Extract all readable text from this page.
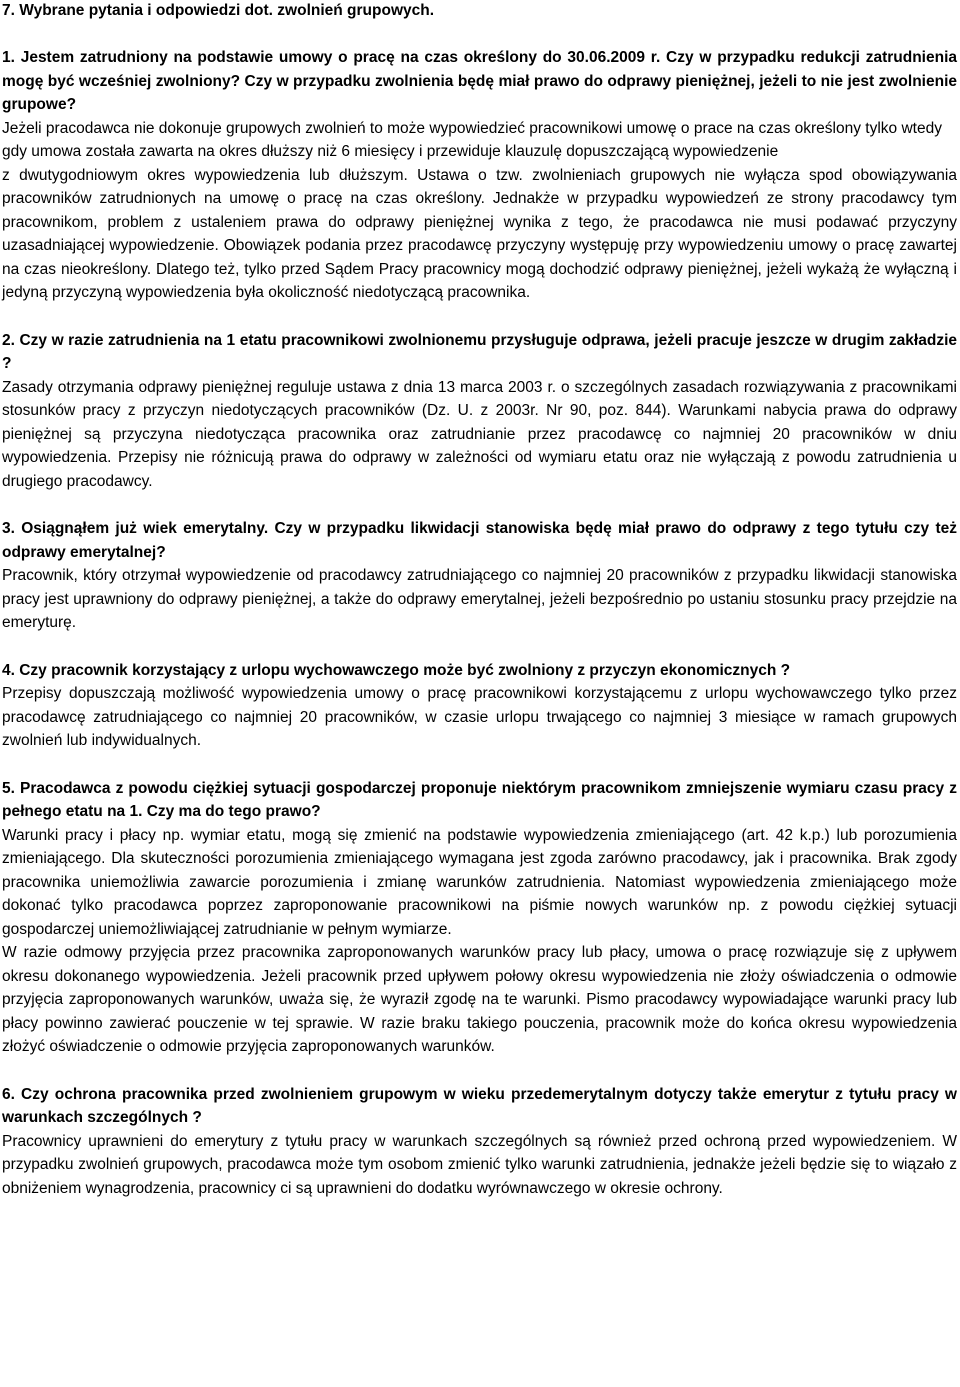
7. Wybrane pytania i odpowiedzi dot. zwolnień grupowych.

1. Jestem zatrudniony na podstawie umowy o pracę na czas określony do 30.06.2009 r. Czy w przypadku redukcji zatrudnienia mogę być wcześniej zwolniony? Czy w przypadku zwolnienia będę miał prawo do odprawy pieniężnej, jeżeli to nie jest zwolnienie grupowe?

Jeżeli pracodawca nie dokonuje grupowych zwolnień to może wypowiedzieć pracownikowi umowę o prace na czas określony tylko wtedy gdy umowa została zawarta na okres dłuższy niż 6 miesięcy i przewiduje klauzulę dopuszczającą wypowiedzenie

z dwutygodniowym okres wypowiedzenia lub dłuższym. Ustawa o tzw. zwolnieniach grupowych nie wyłącza spod obowiązywania pracowników zatrudnionych na umowę o pracę na czas określony. Jednakże w przypadku wypowiedzeń ze strony pracodawcy tym pracownikom, problem z ustaleniem prawa do odprawy pieniężnej wynika z tego, że pracodawca nie musi podawać przyczyny uzasadniającej wypowiedzenie. Obowiązek podania przez pracodawcę przyczyny występuję przy wypowiedzeniu umowy o pracę zawartej na czas nieokreślony. Dlatego też, tylko przed Sądem Pracy pracownicy mogą dochodzić odprawy pieniężnej, jeżeli wykażą że wyłączną i jedyną przyczyną wypowiedzenia była okoliczność niedotyczącą pracownika.

2. Czy w razie zatrudnienia na 1 etatu pracownikowi zwolnionemu przysługuje odprawa, jeżeli pracuje jeszcze w drugim zakładzie ?

Zasady otrzymania odprawy pieniężnej reguluje ustawa z dnia 13 marca 2003 r. o szczególnych zasadach rozwiązywania z pracownikami stosunków pracy z przyczyn niedotyczących pracowników (Dz. U. z 2003r. Nr 90, poz. 844). Warunkami nabycia prawa do odprawy pieniężnej są przyczyna niedotycząca pracownika oraz zatrudnianie przez pracodawcę co najmniej 20 pracowników w dniu wypowiedzenia. Przepisy nie różnicują prawa do odprawy w zależności od wymiaru etatu oraz nie wyłączają z powodu zatrudnienia u drugiego pracodawcy.

3. Osiągnąłem już wiek emerytalny. Czy w przypadku likwidacji stanowiska będę miał prawo do odprawy z tego tytułu czy też odprawy emerytalnej?

Pracownik, który otrzymał wypowiedzenie od pracodawcy zatrudniającego co najmniej 20 pracowników z przypadku likwidacji stanowiska pracy jest uprawniony do odprawy pieniężnej, a także do odprawy emerytalnej, jeżeli bezpośrednio po ustaniu stosunku pracy przejdzie na emeryturę.

4. Czy pracownik korzystający z urlopu wychowawczego może być zwolniony z przyczyn ekonomicznych ?

Przepisy dopuszczają możliwość wypowiedzenia umowy o pracę pracownikowi korzystającemu z urlopu wychowawczego tylko przez pracodawcę zatrudniającego co najmniej 20 pracowników, w czasie urlopu trwającego co najmniej 3 miesiące w ramach grupowych zwolnień lub indywidualnych.

5. Pracodawca z powodu ciężkiej sytuacji gospodarczej proponuje niektórym pracownikom zmniejszenie wymiaru czasu pracy z pełnego etatu na 1. Czy ma do tego prawo?

Warunki pracy i płacy np. wymiar etatu, mogą się zmienić na podstawie wypowiedzenia zmieniającego (art. 42 k.p.) lub porozumienia zmieniającego. Dla skuteczności porozumienia zmieniającego wymagana jest zgoda zarówno pracodawcy, jak i pracownika. Brak zgody pracownika uniemożliwia zawarcie porozumienia i zmianę warunków zatrudnienia. Natomiast wypowiedzenia zmieniającego może dokonać tylko pracodawca poprzez zaproponowanie pracownikowi na piśmie nowych warunków np. z powodu ciężkiej sytuacji gospodarczej uniemożliwiającej zatrudnianie w pełnym wymiarze.

W razie odmowy przyjęcia przez pracownika zaproponowanych warunków pracy lub płacy, umowa o pracę rozwiązuje się z upływem okresu dokonanego wypowiedzenia. Jeżeli pracownik przed upływem połowy okresu wypowiedzenia nie złoży oświadczenia o odmowie przyjęcia zaproponowanych warunków, uważa się, że wyraził zgodę na te warunki. Pismo pracodawcy wypowiadające warunki pracy lub płacy powinno zawierać pouczenie w tej sprawie. W razie braku takiego pouczenia, pracownik może do końca okresu wypowiedzenia złożyć oświadczenie o odmowie przyjęcia zaproponowanych warunków.

6. Czy ochrona pracownika przed zwolnieniem grupowym w wieku przedemerytalnym dotyczy także emerytur z tytułu pracy w warunkach szczególnych ?

Pracownicy uprawnieni do emerytury z tytułu pracy w warunkach szczególnych są również przed ochroną przed wypowiedzeniem. W przypadku zwolnień grupowych, pracodawca może tym osobom zmienić tylko warunki zatrudnienia, jednakże jeżeli będzie się to wiązało z obniżeniem wynagrodzenia, pracownicy ci są uprawnieni do dodatku wyrównawczego w okresie ochrony.
